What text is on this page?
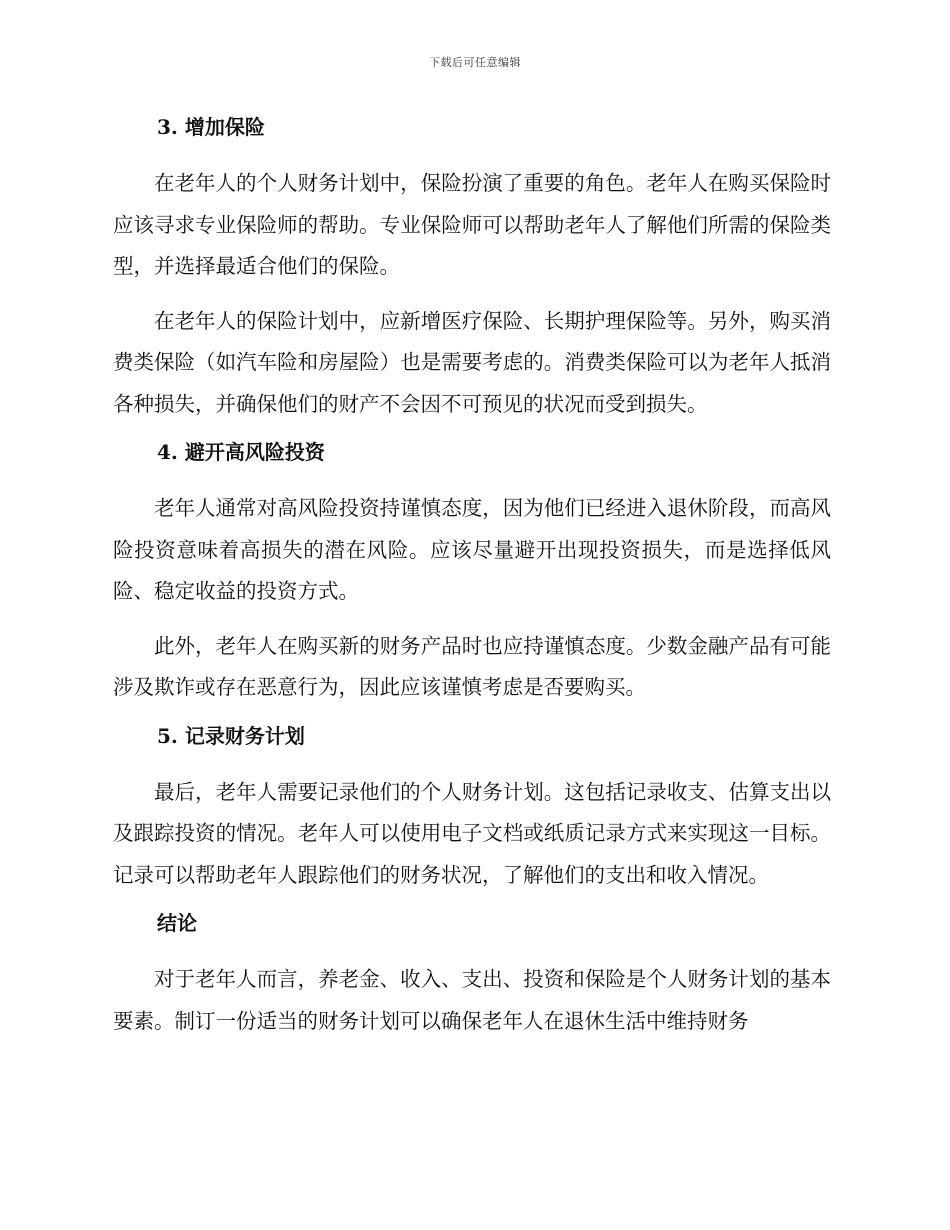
下载后可任意编辑
3. 增加保险

在老年人的个人财务计划中，保险扮演了重要的角色。老年人在购买保险时应该寻求专业保险师的帮助。专业保险师可以帮助老年人了解他们所需的保险类型，并选择最适合他们的保险。

在老年人的保险计划中，应新增医疗保险、长期护理保险等。另外，购买消费类保险（如汽车险和房屋险）也是需要考虑的。消费类保险可以为老年人抵消各种损失，并确保他们的财产不会因不可预见的状况而受到损失。

4. 避开高风险投资

老年人通常对高风险投资持谨慎态度，因为他们已经进入退休阶段，而高风险投资意味着高损失的潜在风险。应该尽量避开出现投资损失，而是选择低风险、稳定收益的投资方式。

此外，老年人在购买新的财务产品时也应持谨慎态度。少数金融产品有可能涉及欺诈或存在恶意行为，因此应该谨慎考虑是否要购买。

5. 记录财务计划

最后，老年人需要记录他们的个人财务计划。这包括记录收支、估算支出以及跟踪投资的情况。老年人可以使用电子文档或纸质记录方式来实现这一目标。记录可以帮助老年人跟踪他们的财务状况，了解他们的支出和收入情况。

结论

对于老年人而言，养老金、收入、支出、投资和保险是个人财务计划的基本要素。制订一份适当的财务计划可以确保老年人在退休生活中维持财务
